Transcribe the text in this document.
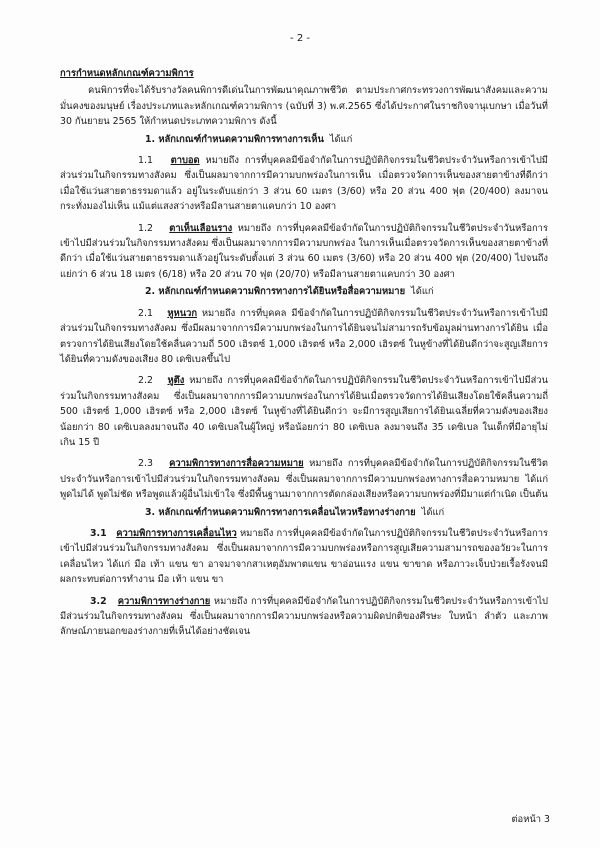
- 2 -
การกำหนดหลักเกณฑ์ความพิการ

คนพิการที่จะได้รับรางวัลคนพิการดีเด่นในการพัฒนาคุณภาพชีวิต ตามประกาศกระทรวงการพัฒนาสังคมและความมั่นคงของมนุษย์ เรื่องประเภทและหลักเกณฑ์ความพิการ (ฉบับที่ 3) พ.ศ.2565 ซึ่งได้ประกาศในราชกิจจานุเบกษา เมื่อวันที่ 30 กันยายน 2565 ให้กำหนดประเภทความพิการ ดังนี้

1. หลักเกณฑ์กำหนดความพิการทางการเห็น ได้แก่

1.1 ตาบอด หมายถึง การที่บุคคลมีข้อจำกัดในการปฏิบัติกิจกรรมในชีวิตประจำวันหรือการเข้าไปมีส่วนร่วมในกิจกรรมทางสังคม ซึ่งเป็นผลมาจากการมีความบกพร่องในการเห็น เมื่อตรวจวัดการเห็นของสายตาข้างที่ดีกว่าเมื่อใช้แว่นสายตาธรรมดาแล้ว อยู่ในระดับแย่กว่า 3 ส่วน 60 เมตร (3/60) หรือ 20 ส่วน 400 ฟุต (20/400) ลงมาจนกระทั่งมองไม่เห็น แม้แต่แสงสว่างหรือมีลานสายตาแคบกว่า 10 องศา

1.2 ตาเห็นเลือนราง หมายถึง การที่บุคคลมีข้อจำกัดในการปฏิบัติกิจกรรมในชีวิตประจำวันหรือการเข้าไปมีส่วนร่วมในกิจกรรมทางสังคม ซึ่งเป็นผลมาจากการมีความบกพร่อง ในการเห็นเมื่อตรวจวัดการเห็นของสายตาข้างที่ดีกว่า เมื่อใช้แว่นสายตาธรรมดาแล้วอยู่ในระดับตั้งแต่ 3 ส่วน 60 เมตร (3/60) หรือ 20 ส่วน 400 ฟุต (20/400) ไปจนถึงแย่กว่า 6 ส่วน 18 เมตร (6/18) หรือ 20 ส่วน 70 ฟุต (20/70) หรือมีลานสายตาแคบกว่า 30 องศา

2. หลักเกณฑ์กำหนดความพิการทางการได้ยินหรือสื่อความหมาย ได้แก่

2.1 หูหนวก หมายถึง การที่บุคคล มีข้อจำกัดในการปฏิบัติกิจกรรมในชีวิตประจำวันหรือการเข้าไปมีส่วนร่วมในกิจกรรมทางสังคม ซึ่งมีผลมาจากการมีความบกพร่องในการได้ยินจนไม่สามารถรับข้อมูลผ่านทางการได้ยิน เมื่อตรวจการได้ยินเสียงโดยใช้คลื่นความถี่ 500 เฮิรตซ์ 1,000 เฮิรตซ์ หรือ 2,000 เฮิรตซ์ ในหูข้างที่ได้ยินดีกว่าจะสูญเสียการได้ยินที่ความดังของเสียง 80 เดซิเบลขึ้นไป

2.2 หูตึง หมายถึง การที่บุคคลมีข้อจำกัดในการปฏิบัติกิจกรรมในชีวิตประจำวันหรือการเข้าไปมีส่วนร่วมในกิจกรรมทางสังคม ซึ่งเป็นผลมาจากการมีความบกพร่องในการได้ยินเมื่อตรวจวัดการได้ยินเสียงโดยใช้คลื่นความถี่ 500 เฮิรตซ์ 1,000 เฮิรตซ์ หรือ 2,000 เฮิรตซ์ ในหูข้างที่ได้ยินดีกว่า จะมีการสูญเสียการได้ยินเฉลี่ยที่ความดังของเสียงน้อยกว่า 80 เดซิเบลลงมาจนถึง 40 เดซิเบลในผู้ใหญ่ หรือน้อยกว่า 80 เดซิเบล ลงมาจนถึง 35 เดซิเบล ในเด็กที่มีอายุไม่เกิน 15 ปี

2.3 ความพิการทางการสื่อความหมาย หมายถึง การที่บุคคลมีข้อจำกัดในการปฏิบัติกิจกรรมในชีวิตประจำวันหรือการเข้าไปมีส่วนร่วมในกิจกรรมทางสังคม ซึ่งเป็นผลมาจากการมีความบกพร่องทางการสื่อความหมาย ได้แก่ พูดไม่ได้ พูดไม่ชัด หรือพูดแล้วผู้อื่นไม่เข้าใจ ซึ่งมีพื้นฐานมาจากการตัดกล่องเสียงหรือความบกพร่องที่มีมาแต่กำเนิด เป็นต้น

3. หลักเกณฑ์กำหนดความพิการทางการเคลื่อนไหวหรือทางร่างกาย ได้แก่

3.1 ความพิการทางการเคลื่อนไหว หมายถึง การที่บุคคลมีข้อจำกัดในการปฏิบัติกิจกรรมในชีวิตประจำวันหรือการเข้าไปมีส่วนร่วมในกิจกรรมทางสังคม ซึ่งเป็นผลมาจากการมีความบกพร่องหรือการสูญเสียความสามารถของอวัยวะในการเคลื่อนไหว ได้แก่ มือ เท้า แขน ขา อาจมาจากสาเหตุอัมพาตแขน ขาอ่อนแรง แขน ขาขาด หรือภาวะเจ็บป่วยเรื้อรังจนมีผลกระทบต่อการทำงาน มือ เท้า แขน ขา

3.2 ความพิการทางร่างกาย หมายถึง การที่บุคคลมีข้อจำกัดในการปฏิบัติกิจกรรมในชีวิตประจำวันหรือการเข้าไปมีส่วนร่วมในกิจกรรมทางสังคม ซึ่งเป็นผลมาจากการมีความบกพร่องหรือความผิดปกติของศีรษะ ใบหน้า ลำตัว และภาพลักษณ์ภายนอกของร่างกายที่เห็นได้อย่างชัดเจน

ต่อหน้า 3
